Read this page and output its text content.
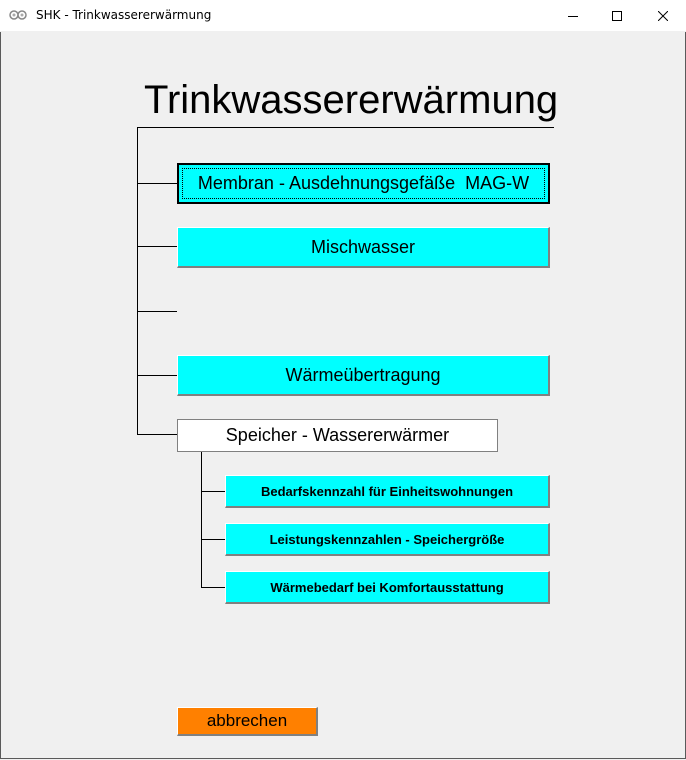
SHK - Trinkwassererwärmung
Trinkwassererwärmung
Membran - Ausdehnungsgefäße  MAG-W
Mischwasser
Wärmeübertragung
Speicher - Wassererwärmer
Bedarfskennzahl für Einheitswohnungen
Leistungskennzahlen - Speichergröße
Wärmebedarf bei Komfortausstattung
abbrechen
